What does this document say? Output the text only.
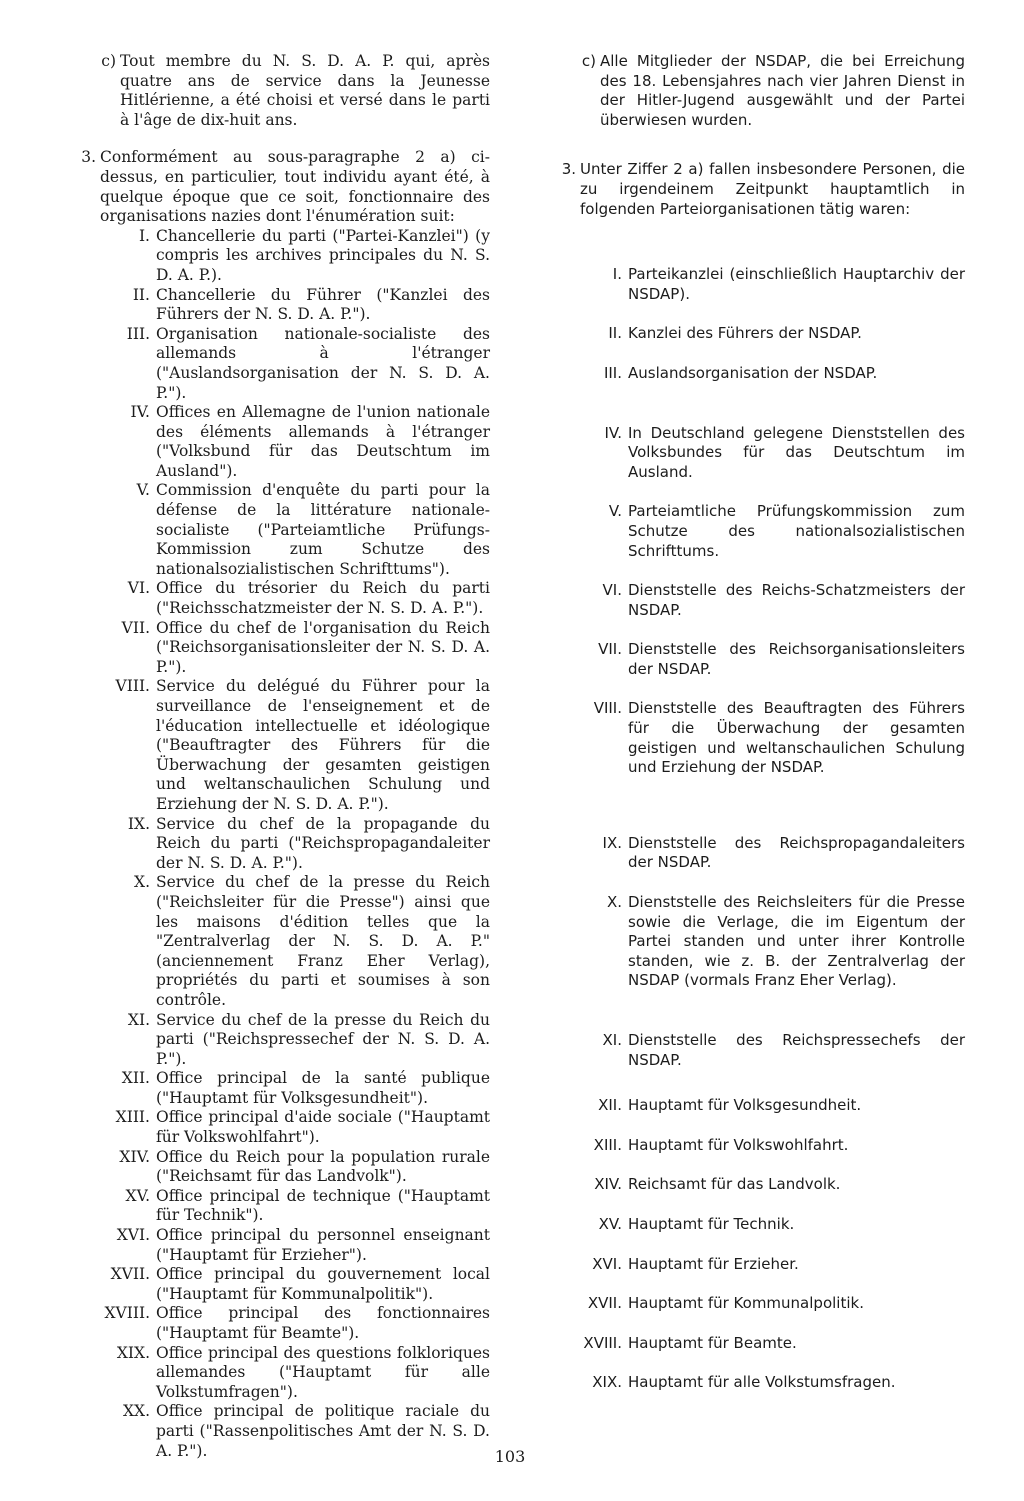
c) Tout membre du N. S. D. A. P. qui, après quatre ans de service dans la Jeunesse Hitlérienne, a été choisi et versé dans le parti à l'âge de dix-huit ans.
3. Conformément au sous-paragraphe 2 a) ci-dessus, en particulier, tout individu ayant été, à quelque époque que ce soit, fonctionnaire des organisations nazies dont l'énumération suit:
I. Chancellerie du parti ("Partei-Kanzlei") (y compris les archives principales du N. S. D. A. P.).
II. Chancellerie du Führer ("Kanzlei des Führers der N. S. D. A. P.").
III. Organisation nationale-socialiste des allemands à l'étranger ("Auslandsorganisation der N. S. D. A. P.").
IV. Offices en Allemagne de l'union nationale des éléments allemands à l'étranger ("Volksbund für das Deutschtum im Ausland").
V. Commission d'enquête du parti pour la défense de la littérature nationale-socialiste ("Parteiamtliche Prüfungs-Kommission zum Schutze des nationalsozialistischen Schrifttums").
VI. Office du trésorier du Reich du parti ("Reichsschatzmeister der N. S. D. A. P.").
VII. Office du chef de l'organisation du Reich ("Reichsorganisationsleiter der N. S. D. A. P.").
VIII. Service du delégué du Führer pour la surveillance de l'enseignement et de l'éducation intellectuelle et idéologique ("Beauftragter des Führers für die Überwachung der gesamten geistigen und weltanschaulichen Schulung und Erziehung der N. S. D. A. P.").
IX. Service du chef de la propagande du Reich du parti ("Reichspropagandaleiter der N. S. D. A. P.").
X. Service du chef de la presse du Reich ("Reichsleiter für die Presse") ainsi que les maisons d'édition telles que la "Zentralverlag der N. S. D. A. P." (anciennement Franz Eher Verlag), propriétés du parti et soumises à son contrôle.
XI. Service du chef de la presse du Reich du parti ("Reichspressechef der N. S. D. A. P.").
XII. Office principal de la santé publique ("Hauptamt für Volksgesundheit").
XIII. Office principal d'aide sociale ("Hauptamt für Volkswohlfahrt").
XIV. Office du Reich pour la population rurale ("Reichsamt für das Landvolk").
XV. Office principal de technique ("Hauptamt für Technik").
XVI. Office principal du personnel enseignant ("Hauptamt für Erzieher").
XVII. Office principal du gouvernement local ("Hauptamt für Kommunalpolitik").
XVIII. Office principal des fonctionnaires ("Hauptamt für Beamte").
XIX. Office principal des questions folkloriques allemandes ("Hauptamt für alle Volkstumfragen").
XX. Office principal de politique raciale du parti ("Rassenpolitisches Amt der N. S. D. A. P.").
c) Alle Mitglieder der NSDAP, die bei Erreichung des 18. Lebensjahres nach vier Jahren Dienst in der Hitler-Jugend ausgewählt und der Partei überwiesen wurden.
3. Unter Ziffer 2 a) fallen insbesondere Personen, die zu irgendeinem Zeitpunkt hauptamtlich in folgenden Parteiorganisationen tätig waren:
I. Parteikanzlei (einschließlich Hauptarchiv der NSDAP).
II. Kanzlei des Führers der NSDAP.
III. Auslandsorganisation der NSDAP.
IV. In Deutschland gelegene Dienststellen des Volksbundes für das Deutschtum im Ausland.
V. Parteiamtliche Prüfungskommission zum Schutze des nationalsozialistischen Schrifttums.
VI. Dienststelle des Reichs-Schatzmeisters der NSDAP.
VII. Dienststelle des Reichsorganisationsleiters der NSDAP.
VIII. Dienststelle des Beauftragten des Führers für die Überwachung der gesamten geistigen und weltanschaulichen Schulung und Erziehung der NSDAP.
IX. Dienststelle des Reichspropagandaleiters der NSDAP.
X. Dienststelle des Reichsleiters für die Presse sowie die Verlage, die im Eigentum der Partei standen und unter ihrer Kontrolle standen, wie z. B. der Zentralverlag der NSDAP (vormals Franz Eher Verlag).
XI. Dienststelle des Reichspressechefs der NSDAP.
XII. Hauptamt für Volksgesundheit.
XIII. Hauptamt für Volkswohlfahrt.
XIV. Reichsamt für das Landvolk.
XV. Hauptamt für Technik.
XVI. Hauptamt für Erzieher.
XVII. Hauptamt für Kommunalpolitik.
XVIII. Hauptamt für Beamte.
XIX. Hauptamt für alle Volkstumsfragen.
103
